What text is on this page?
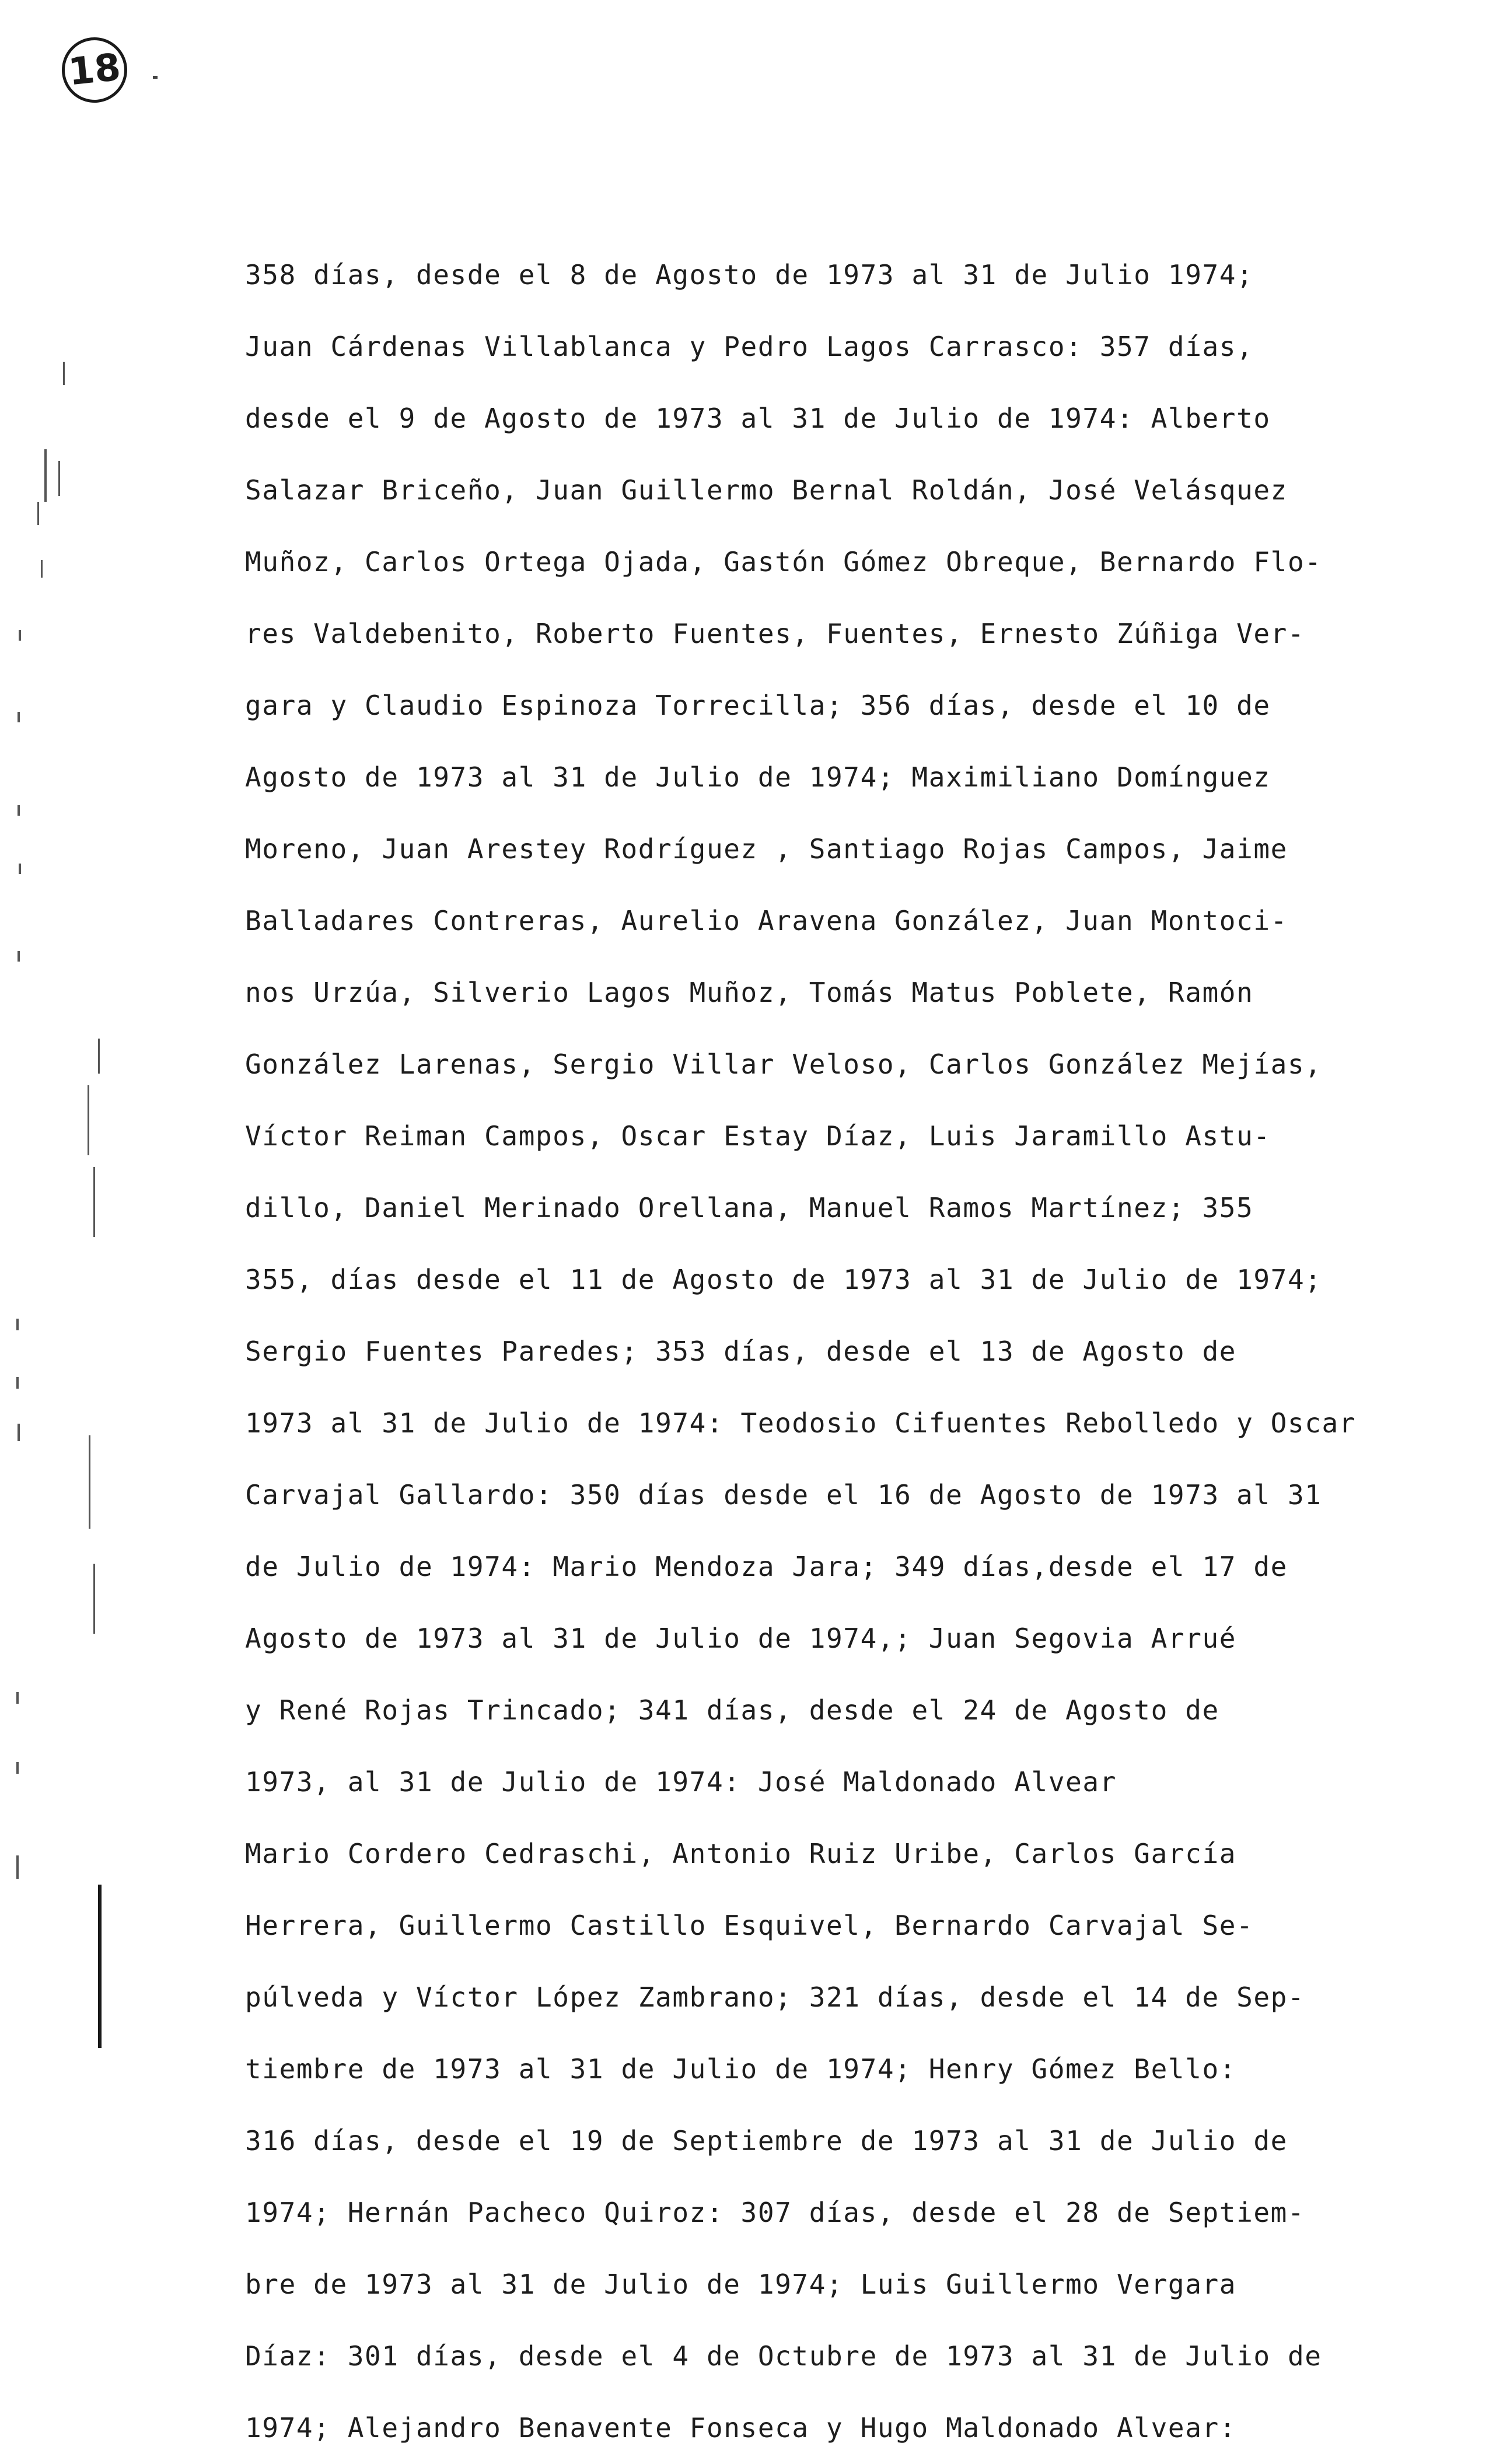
18
358 días, desde el 8 de Agosto de 1973 al 31 de Julio 1974;
Juan Cárdenas Villablanca y Pedro Lagos Carrasco: 357 días,
desde el 9 de Agosto de 1973 al 31 de Julio de 1974: Alberto
Salazar Briceño, Juan Guillermo Bernal Roldán, José Velásquez
Muñoz, Carlos Ortega Ojada, Gastón Gómez Obreque, Bernardo Flo-
res Valdebenito, Roberto Fuentes, Fuentes, Ernesto Zúñiga Ver-
gara y Claudio Espinoza Torrecilla; 356 días, desde el 10 de
Agosto de 1973 al 31 de Julio de 1974; Maximiliano Domínguez
Moreno, Juan Arestey Rodríguez , Santiago Rojas Campos, Jaime
Balladares Contreras, Aurelio Aravena González, Juan Montoci-
nos Urzúa, Silverio Lagos Muñoz, Tomás Matus Poblete, Ramón
González Larenas, Sergio Villar Veloso, Carlos González Mejías,
Víctor Reiman Campos, Oscar Estay Díaz, Luis Jaramillo Astu-
dillo, Daniel Merinado Orellana, Manuel Ramos Martínez; 355
355, días desde el 11 de Agosto de 1973 al 31 de Julio de 1974;
Sergio Fuentes Paredes; 353 días, desde el 13 de Agosto de
1973 al 31 de Julio de 1974: Teodosio Cifuentes Rebolledo y Oscar
Carvajal Gallardo: 350 días desde el 16 de Agosto de 1973 al 31
de Julio de 1974: Mario Mendoza Jara; 349 días,desde el 17 de
Agosto de 1973 al 31 de Julio de 1974,; Juan Segovia Arrué
y René Rojas Trincado; 341 días, desde el 24 de Agosto de
1973, al 31 de Julio de 1974: José Maldonado Alvear
Mario Cordero Cedraschi, Antonio Ruiz Uribe, Carlos García
Herrera, Guillermo Castillo Esquivel, Bernardo Carvajal Se-
púlveda y Víctor López Zambrano; 321 días, desde el 14 de Sep-
tiembre de 1973 al 31 de Julio de 1974; Henry Gómez Bello:
316 días, desde el 19 de Septiembre de 1973 al 31 de Julio de
1974; Hernán Pacheco Quiroz: 307 días, desde el 28 de Septiem-
bre de 1973 al 31 de Julio de 1974; Luis Guillermo Vergara
Díaz: 301 días, desde el 4 de Octubre de 1973 al 31 de Julio de
1974; Alejandro Benavente Fonseca y Hugo Maldonado Alvear:
